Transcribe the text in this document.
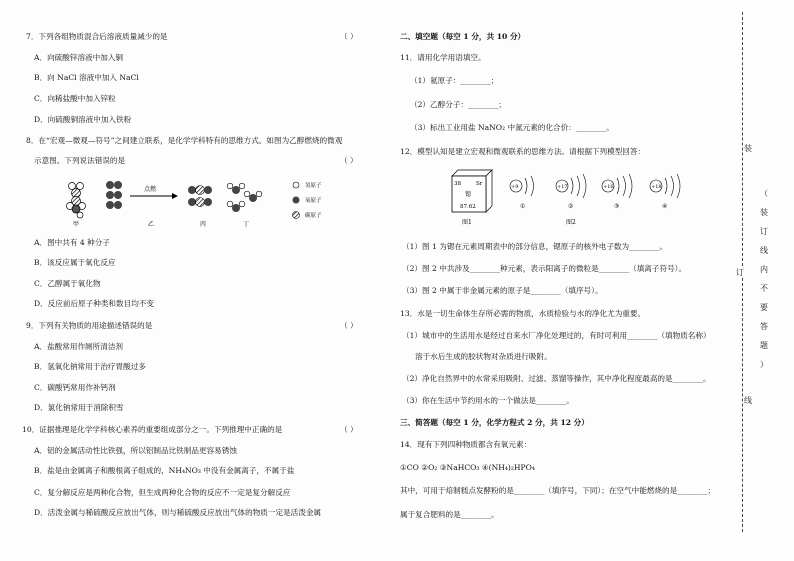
7．下列各组物质混合后溶液质量减少的是	（ ）
A．向硫酸锌溶液中加入铜
B．向 NaCl 溶液中加入 NaCl
C．向稀盐酸中加入锌粒
D．向硫酸铜溶液中加入铁粉
8．在“宏观—微观—符号”之间建立联系，是化学学科特有的思维方式。如图为乙醇燃烧的微观
示意图。下列说法错误的是	（ ）
点燃	氢原子
氧原子
碳原子
甲	乙	丙	丁
A．图中共有 4 种分子
B．该反应属于氧化反应
C．乙醇属于氧化物
D．反应前后原子种类和数目均不变
9．下列有关物质的用途描述错误的是	（ ）
A．盐酸常用作厕所清洁剂
B．氢氧化钠常用于治疗胃酸过多
C．碳酸钙常用作补钙剂
D．氯化钠常用于消除积雪
10．证据推理是化学学科核心素养的重要组成部分之一。下列推理中正确的是	（ ）
A．铝的金属活动性比铁强，所以铝制品比铁制品更容易锈蚀
B．盐是由金属离子和酸根离子组成的，NH₄NO₃ 中没有金属离子，不属于盐
C．复分解反应是两种化合物，但生成两种化合物的反应不一定是复分解反应
D．活泼金属与稀硫酸反应放出气体，则与稀硫酸反应放出气体的物质一定是活泼金属
二、填空题（每空 1 分，共 10 分）
11．请用化学用语填空。
（1）氦原子：________；
（2）乙醇分子：________；
（3）标出工业用盐 NaNO₂ 中氮元素的化合价：________。
12．模型认知是建立宏观和微观联系的思维方法。请根据下列模型回答：
38	Sr
锶
87.62
图1
+9
①
+17
②
+16
③
+18
④
图2
（1）图 1 为锶在元素周期表中的部分信息，锶原子的核外电子数为________。
（2）图 2 中共涉及________种元素，表示阳离子的微粒是________（填离子符号）。
（3）图 2 中属于非金属元素的原子是________（填序号）。
13．水是一切生命体生存所必需的物质，水质检验与水的净化尤为重要。
（1）城市中的生活用水是经过自来水厂净化处理过的，有时可利用________（填物质名称）
溶于水后生成的胶状物对杂质进行吸附。
（2）净化自然界中的水常采用吸附、过滤、蒸馏等操作，其中净化程度最高的是________。
（3）你在生活中节约用水的一个做法是________。
三、简答题（每空 1 分，化学方程式 2 分，共 12 分）
14．现有下列四种物质都含有氧元素：
①CO ②O₂ ③NaHCO₃ ④(NH₄)₂HPO₄
其中，可用于焙制糕点发酵粉的是________（填序号，下同）；在空气中能燃烧的是________；
属于复合肥料的是________。
装
订
线
（
装
订
线
内
不
要
答
题
）
